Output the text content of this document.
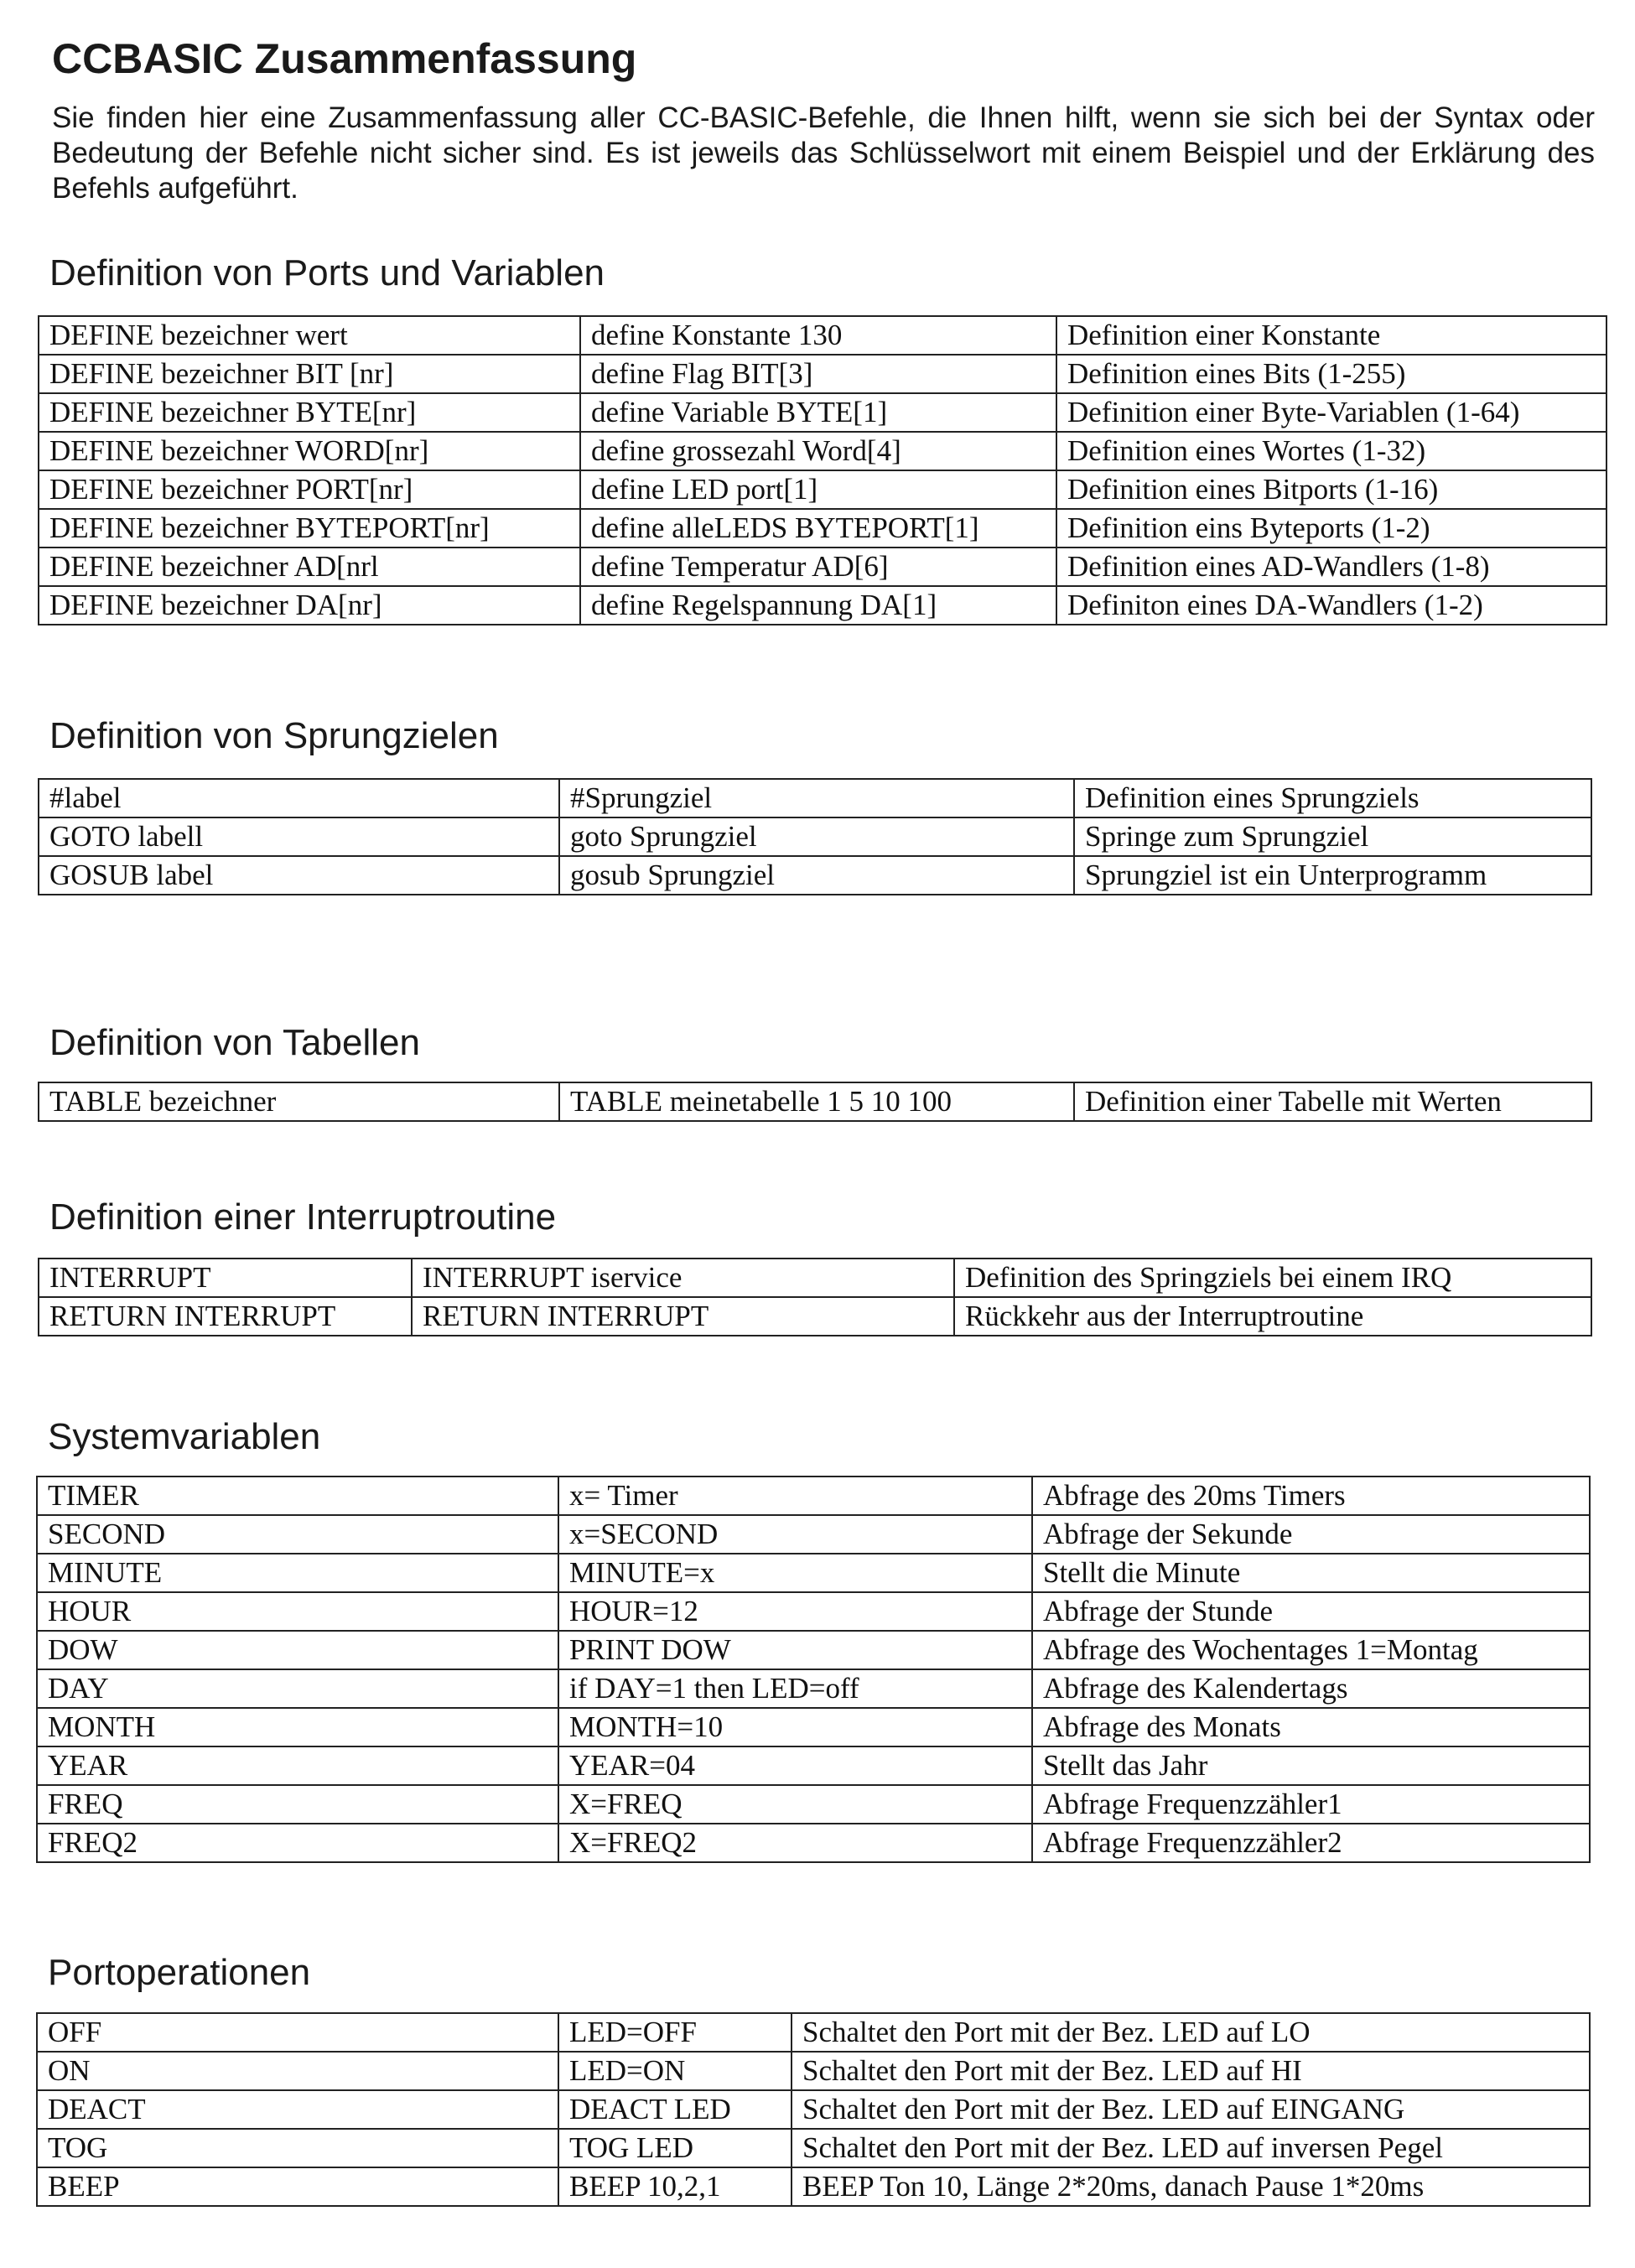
CCBASIC Zusammenfassung

Sie finden hier eine Zusammenfassung aller CC-BASIC-Befehle, die Ihnen hilft, wenn sie sich bei der Syntax oder Bedeutung der Befehle nicht sicher sind. Es ist jeweils das Schlüsselwort mit einem Beispiel und der Erklärung des Befehls aufgeführt.

Definition von Ports und Variablen
DEFINE bezeichner wert	define Konstante 130	Definition einer Konstante
DEFINE bezeichner BIT [nr]	define Flag BIT[3]	Definition eines Bits (1-255)
DEFINE bezeichner BYTE[nr]	define Variable BYTE[1]	Definition einer Byte-Variablen (1-64)
DEFINE bezeichner WORD[nr]	define grossezahl Word[4]	Definition eines Wortes (1-32)
DEFINE bezeichner PORT[nr]	define LED port[1]	Definition eines Bitports (1-16)
DEFINE bezeichner BYTEPORT[nr]	define alleLEDS BYTEPORT[1]	Definition eins Byteports (1-2)
DEFINE bezeichner AD[nrl	define Temperatur AD[6]	Definition eines AD-Wandlers (1-8)
DEFINE bezeichner DA[nr]	define Regelspannung DA[1]	Definiton eines DA-Wandlers (1-2)
Definition von Sprungzielen
#label	#Sprungziel	Definition eines Sprungziels
GOTO labell	goto Sprungziel	Springe zum Sprungziel
GOSUB label	gosub Sprungziel	Sprungziel ist ein Unterprogramm
Definition von Tabellen
TABLE bezeichner	TABLE meinetabelle 1 5 10 100	Definition einer Tabelle mit Werten
Definition einer Interruptroutine
INTERRUPT	INTERRUPT iservice	Definition des Springziels bei einem IRQ
RETURN INTERRUPT	RETURN INTERRUPT	Rückkehr aus der Interruptroutine
Systemvariablen
TIMER	x= Timer	Abfrage des 20ms Timers
SECOND	x=SECOND	Abfrage der Sekunde
MINUTE	MINUTE=x	Stellt die Minute
HOUR	HOUR=12	Abfrage der Stunde
DOW	PRINT DOW	Abfrage des Wochentages 1=Montag
DAY	if DAY=1 then LED=off	Abfrage des Kalendertags
MONTH	MONTH=10	Abfrage des Monats
YEAR	YEAR=04	Stellt das Jahr
FREQ	X=FREQ	Abfrage Frequenzzähler1
FREQ2	X=FREQ2	Abfrage Frequenzzähler2
Portoperationen
OFF	LED=OFF	Schaltet den Port mit der Bez. LED auf LO
ON	LED=ON	Schaltet den Port mit der Bez. LED auf HI
DEACT	DEACT LED	Schaltet den Port mit der Bez. LED auf EINGANG
TOG	TOG LED	Schaltet den Port mit der Bez. LED auf inversen Pegel
BEEP	BEEP 10,2,1	BEEP Ton 10, Länge 2*20ms, danach Pause 1*20ms
